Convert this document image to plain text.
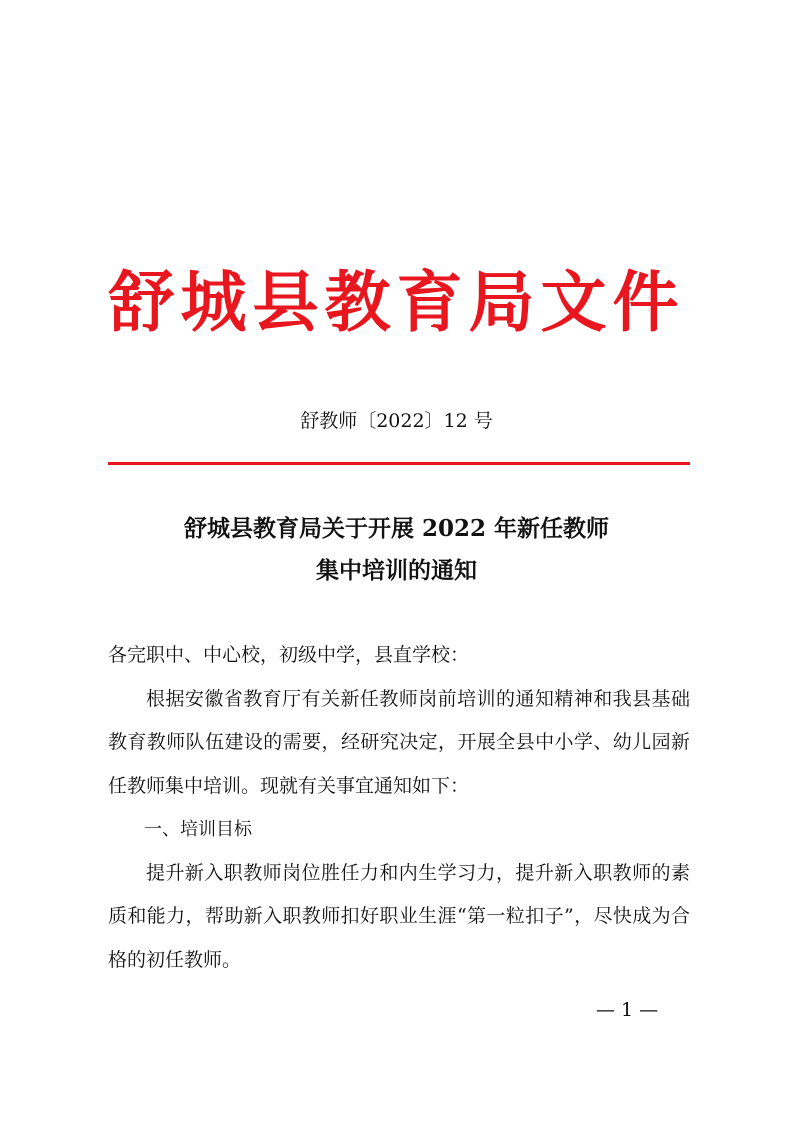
舒城县教育局文件
舒教师〔2022〕12 号
舒城县教育局关于开展 2022 年新任教师
集中培训的通知

各完职中、中心校，初级中学，县直学校：

根据安徽省教育厅有关新任教师岗前培训的通知精神和我县基础教育教师队伍建设的需要，经研究决定，开展全县中小学、幼儿园新任教师集中培训。现就有关事宜通知如下：

一、培训目标

提升新入职教师岗位胜任力和内生学习力，提升新入职教师的素质和能力，帮助新入职教师扣好职业生涯“第一粒扣子”，尽快成为合格的初任教师。

— 1 —
